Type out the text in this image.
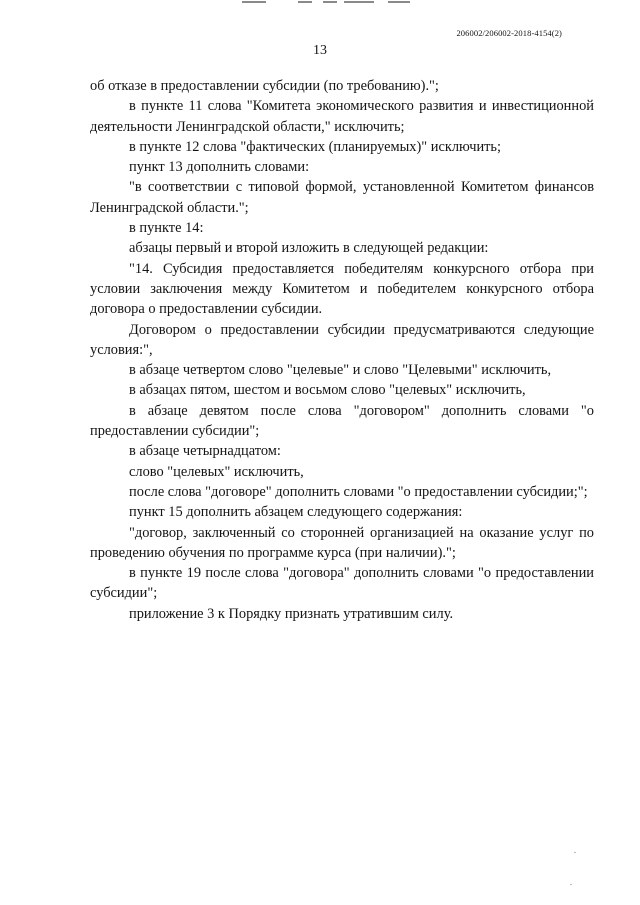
206002/206002-2018-4154(2)
13

об отказе в предоставлении субсидии (по требованию).";

в пункте 11 слова "Комитета экономического развития и инвестиционной деятельности Ленинградской области," исключить;

в пункте 12 слова "фактических (планируемых)" исключить;

пункт 13 дополнить словами:

"в соответствии с типовой формой, установленной Комитетом финансов Ленинградской области.";

в пункте 14:

абзацы первый и второй изложить в следующей редакции:

"14. Субсидия предоставляется победителям конкурсного отбора при условии заключения между Комитетом и победителем конкурсного отбора договора о предоставлении субсидии.

Договором о предоставлении субсидии предусматриваются следующие условия:",

в абзаце четвертом слово "целевые" и слово "Целевыми" исключить,

в абзацах пятом, шестом и восьмом слово "целевых" исключить,

в абзаце девятом после слова "договором" дополнить словами "о предоставлении субсидии";

в абзаце четырнадцатом:

слово "целевых" исключить,

после слова "договоре" дополнить словами "о предоставлении субсидии;";

пункт 15 дополнить абзацем следующего содержания:

"договор, заключенный со сторонней организацией на оказание услуг по проведению обучения по программе курса (при наличии).";

в пункте 19 после слова "договора" дополнить словами "о предоставлении субсидии";

приложение 3 к Порядку признать утратившим силу.
